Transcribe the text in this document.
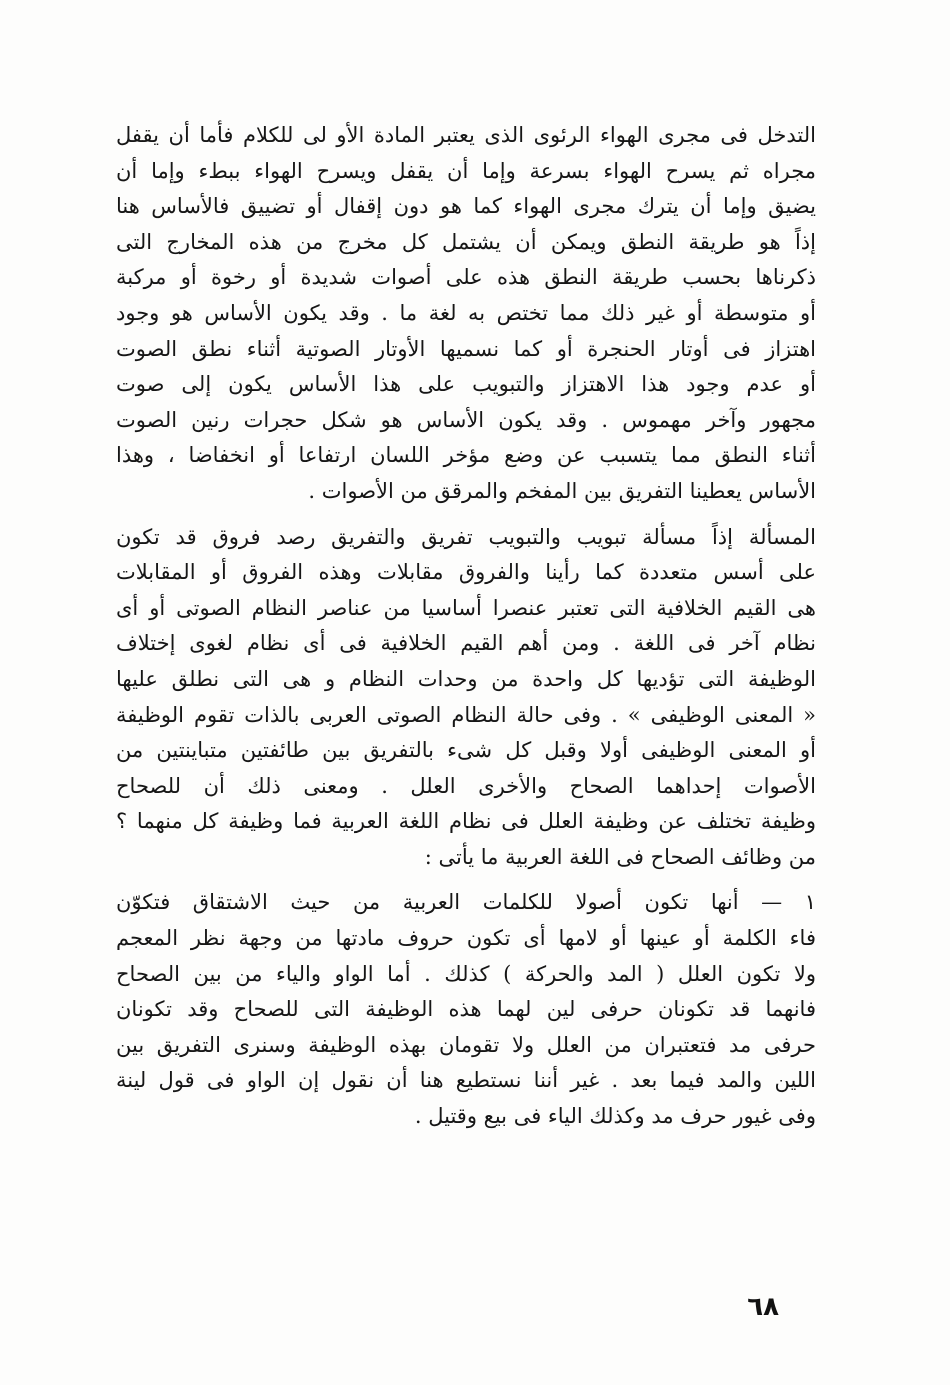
التدخل فى مجرى الهواء الرئوى الذى يعتبر المادة الأو لى للكلام فأما أن يقفل
مجراه ثم يسرح الهواء بسرعة وإما أن يقفل ويسرح الهواء ببطء وإما أن
يضيق وإما أن يترك مجرى الهواء كما هو دون إقفال أو تضييق فالأساس هنا
إذاً هو طريقة النطق ويمكن أن يشتمل كل مخرج من هذه المخارج التى
ذكرناها بحسب طريقة النطق هذه على أصوات شديدة أو رخوة أو مركبة
أو متوسطة أو غير ذلك مما تختص به لغة ما . وقد يكون الأساس هو وجود
اهتزاز فى أوتار الحنجرة أو كما نسميها الأوتار الصوتية أثناء نطق الصوت
أو عدم وجود هذا الاهتزاز والتبويب على هذا الأساس يكون إلى صوت
مجهور وآخر مهموس . وقد يكون الأساس هو شكل حجرات رنين الصوت
أثناء النطق مما يتسبب عن وضع مؤخر اللسان ارتفاعا أو انخفاضا ، وهذا
الأساس يعطينا التفريق بين المفخم والمرقق من الأصوات .
المسألة إذاً مسألة تبويب والتبويب تفريق والتفريق رصد فروق قد تكون
على أسس متعددة كما رأينا والفروق مقابلات وهذه الفروق أو المقابلات
هى القيم الخلافية التى تعتبر عنصرا أساسيا من عناصر النظام الصوتى أو أى
نظام آخر فى اللغة . ومن أهم القيم الخلافية فى أى نظام لغوى إختلاف
الوظيفة التى تؤديها كل واحدة من وحدات النظام و هى التى نطلق عليها
« المعنى الوظيفى » . وفى حالة النظام الصوتى العربى بالذات تقوم الوظيفة
أو المعنى الوظيفى أولا وقبل كل شىء بالتفريق بين طائفتين متباينتين من
الأصوات إحداهما الصحاح والأخرى العلل . ومعنى ذلك أن للصحاح
وظيفة تختلف عن وظيفة العلل فى نظام اللغة العربية فما وظيفة كل منهما ؟
من وظائف الصحاح فى اللغة العربية ما يأتى :
١ — أنها تكون أصولا للكلمات العربية من حيث الاشتقاق فتكوّن
فاء الكلمة أو عينها أو لامها أى تكون حروف مادتها من وجهة نظر المعجم
ولا تكون العلل ( المد والحركة ) كذلك . أما الواو والياء من بين الصحاح
فانهما قد تكونان حرفى لين لهما هذه الوظيفة التى للصحاح وقد تكونان
حرفى مد فتعتبران من العلل ولا تقومان بهذه الوظيفة وسنرى التفريق بين
اللين والمد فيما بعد . غير أننا نستطيع هنا أن نقول إن الواو فى قول لينة
وفى غيور حرف مد وكذلك الياء فى بيع وقتيل .
٦٨
